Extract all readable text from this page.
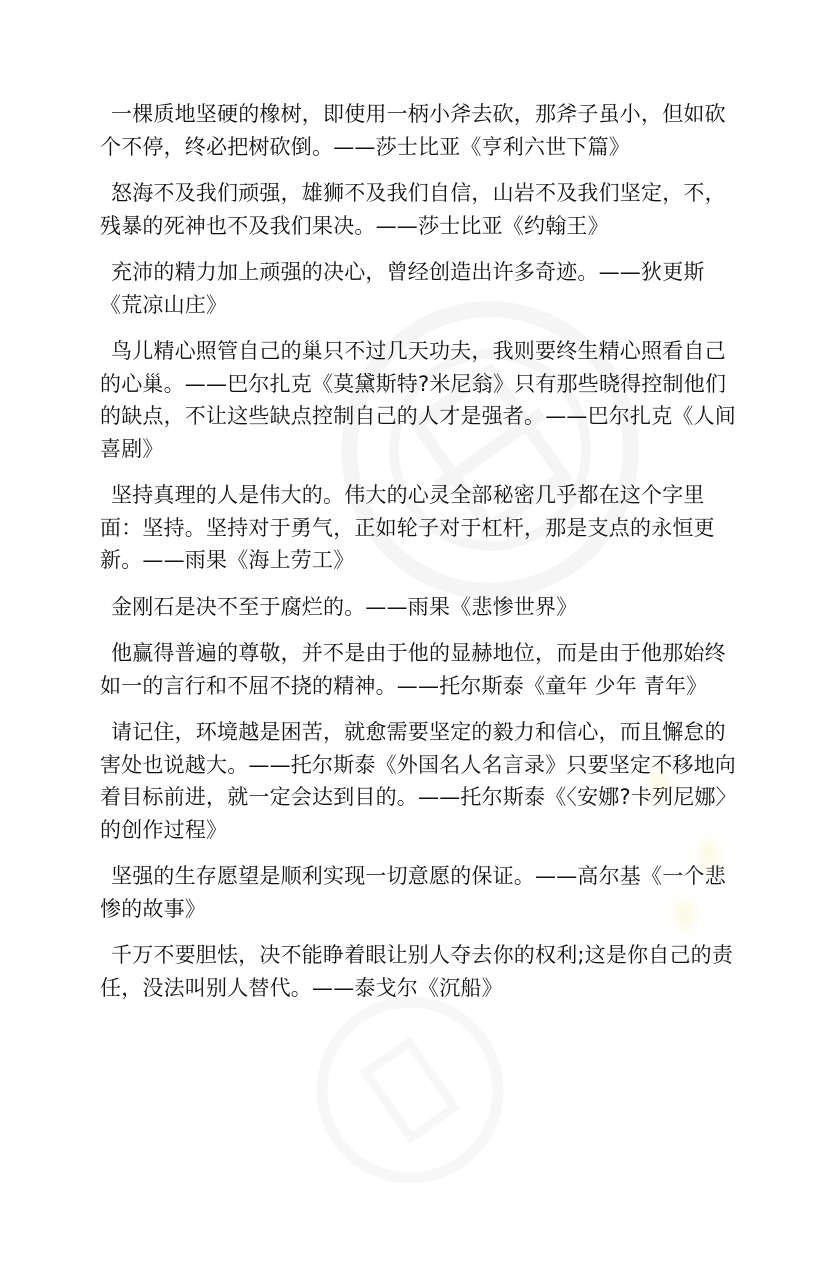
一棵质地坚硬的橡树，即使用一柄小斧去砍，那斧子虽小，但如砍个不停，终必把树砍倒。——莎士比亚《亨利六世下篇》

怒海不及我们顽强，雄狮不及我们自信，山岩不及我们坚定，不，残暴的死神也不及我们果决。——莎士比亚《约翰王》

充沛的精力加上顽强的决心，曾经创造出许多奇迹。——狄更斯《荒凉山庄》

鸟儿精心照管自己的巢只不过几天功夫，我则要终生精心照看自己的心巢。——巴尔扎克《莫黛斯特?米尼翁》只有那些晓得控制他们的缺点，不让这些缺点控制自己的人才是强者。——巴尔扎克《人间喜剧》

坚持真理的人是伟大的。伟大的心灵全部秘密几乎都在这个字里面：坚持。坚持对于勇气，正如轮子对于杠杆，那是支点的永恒更新。——雨果《海上劳工》

金刚石是决不至于腐烂的。——雨果《悲惨世界》

他赢得普遍的尊敬，并不是由于他的显赫地位，而是由于他那始终如一的言行和不屈不挠的精神。——托尔斯泰《童年 少年 青年》

请记住，环境越是困苦，就愈需要坚定的毅力和信心，而且懈怠的害处也说越大。——托尔斯泰《外国名人名言录》只要坚定不移地向着目标前进，就一定会达到目的。——托尔斯泰《〈安娜?卡列尼娜〉的创作过程》

坚强的生存愿望是顺利实现一切意愿的保证。——高尔基《一个悲惨的故事》

千万不要胆怯，决不能睁着眼让别人夺去你的权利;这是你自己的责任，没法叫别人替代。——泰戈尔《沉船》
